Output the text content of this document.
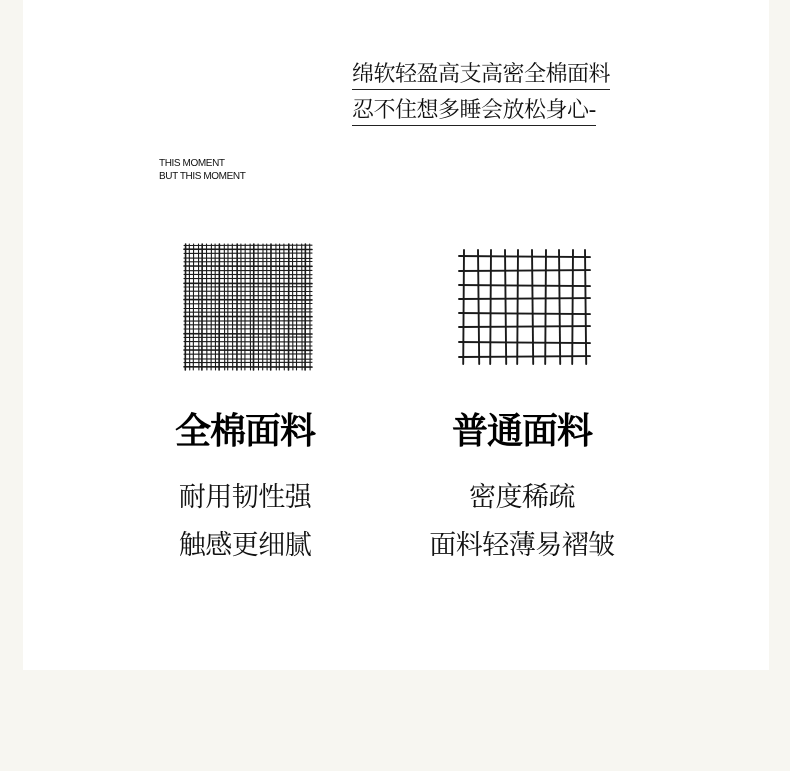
绵软轻盈高支高密全棉面料
忍不住想多睡会放松身心-
THIS MOMENT
BUT THIS MOMENT
全棉面料	普通面料
耐用韧性强
触感更细腻
密度稀疏
面料轻薄易褶皱
